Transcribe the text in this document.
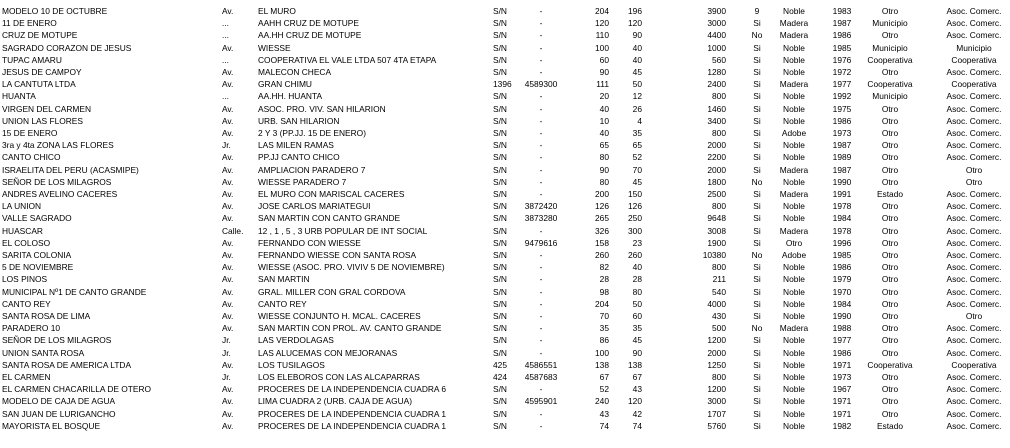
MODELO 10 DE OCTUBRE	Av.	EL MURO	S/N	-	204	196	3900	9	Noble	1983	Otro	Asoc. Comerc.
11 DE ENERO	...	AAHH CRUZ DE MOTUPE	S/N	-	120	120	3000	Si	Madera	1987	Municipio	Asoc. Comerc.
CRUZ DE MOTUPE	...	AA.HH CRUZ DE MOTUPE	S/N	-	110	90	4400	No	Madera	1986	Otro	Asoc. Comerc.
SAGRADO CORAZON DE JESUS	Av.	WIESSE	S/N	-	100	40	1000	Si	Noble	1985	Municipio	Municipio
TUPAC AMARU	...	COOPERATIVA EL VALE LTDA 507 4TA ETAPA	S/N	-	60	40	560	Si	Noble	1976	Cooperativa	Cooperativa
JESUS DE CAMPOY	Av.	MALECON CHECA	S/N	-	90	45	1280	Si	Noble	1972	Otro	Asoc. Comerc.
LA CANTUTA LTDA	Av.	GRAN CHIMU	1396	4589300	111	50	2400	Si	Madera	1977	Cooperativa	Cooperativa
HUANTA	...	AA.HH. HUANTA	S/N	-	20	12	800	Si	Noble	1992	Municipio	Asoc. Comerc.
VIRGEN DEL CARMEN	Av.	ASOC. PRO. VIV. SAN HILARION	S/N	-	40	26	1460	Si	Noble	1975	Otro	Asoc. Comerc.
UNION LAS FLORES	Av.	URB. SAN HILARION	S/N	-	10	4	3400	Si	Noble	1986	Otro	Asoc. Comerc.
15 DE ENERO	Av.	2 Y 3 (PP.JJ. 15 DE ENERO)	S/N	-	40	35	800	Si	Adobe	1973	Otro	Asoc. Comerc.
3ra y 4ta ZONA LAS FLORES	Jr.	LAS MILEN RAMAS	S/N	-	65	65	2000	Si	Noble	1987	Otro	Asoc. Comerc.
CANTO CHICO	Av.	PP.JJ CANTO CHICO	S/N	-	80	52	2200	Si	Noble	1989	Otro	Asoc. Comerc.
ISRAELITA DEL PERU (ACASMIPE)	Av.	AMPLIACION PARADERO 7	S/N	-	90	70	2000	Si	Madera	1987	Otro	Otro
SEÑOR DE LOS MILAGROS	Av.	WIESSE PARADERO 7	S/N	-	80	45	1800	No	Noble	1990	Otro	Otro
ANDRES AVELINO CACERES	Av.	EL MURO CON MARISCAL CACERES	S/N	-	200	150	2500	Si	Madera	1991	Estado	Asoc. Comerc.
LA UNION	Av.	JOSE CARLOS MARIATEGUI	S/N	3872420	126	126	800	Si	Noble	1978	Otro	Asoc. Comerc.
VALLE SAGRADO	Av.	SAN MARTIN CON CANTO GRANDE	S/N	3873280	265	250	9648	Si	Noble	1984	Otro	Asoc. Comerc.
HUASCAR	Calle.	12 , 1 , 5 , 3 URB POPULAR DE INT SOCIAL	S/N	-	326	300	3008	Si	Madera	1978	Otro	Asoc. Comerc.
EL COLOSO	Av.	FERNANDO CON WIESSE	S/N	9479616	158	23	1900	Si	Otro	1996	Otro	Asoc. Comerc.
SARITA COLONIA	Av.	FERNANDO WIESSE CON SANTA ROSA	S/N	-	260	260	10380	No	Adobe	1985	Otro	Asoc. Comerc.
5 DE NOVIEMBRE	Av.	WIESSE (ASOC. PRO. VIVIV 5 DE NOVIEMBRE)	S/N	-	82	40	800	Si	Noble	1986	Otro	Asoc. Comerc.
LOS PINOS	Av.	SAN MARTIN	S/N	-	28	28	211	Si	Noble	1979	Otro	Asoc. Comerc.
MUNICIPAL Nº1 DE CANTO GRANDE	Av.	GRAL. MILLER CON GRAL CORDOVA	S/N	-	98	80	540	Si	Noble	1970	Otro	Asoc. Comerc.
CANTO REY	Av.	CANTO REY	S/N	-	204	50	4000	Si	Noble	1984	Otro	Asoc. Comerc.
SANTA ROSA DE LIMA	Av.	WIESSE CONJUNTO H. MCAL. CACERES	S/N	-	70	60	430	Si	Noble	1990	Otro	Otro
PARADERO 10	Av.	SAN MARTIN CON PROL. AV. CANTO GRANDE	S/N	-	35	35	500	No	Madera	1988	Otro	Asoc. Comerc.
SEÑOR DE LOS MILAGROS	Jr.	LAS VERDOLAGAS	S/N	-	86	45	1200	Si	Noble	1977	Otro	Asoc. Comerc.
UNION SANTA ROSA	Jr.	LAS ALUCEMAS CON MEJORANAS	S/N	-	100	90	2000	Si	Noble	1986	Otro	Asoc. Comerc.
SANTA ROSA DE AMERICA LTDA	Av.	LOS TUSILAGOS	425	4586551	138	138	1250	Si	Noble	1971	Cooperativa	Cooperativa
EL CARMEN	Jr.	LOS ELEBOROS CON LAS ALCAPARRAS	424	4587683	67	67	800	Si	Noble	1973	Otro	Asoc. Comerc.
EL CARMEN CHACARILLA DE OTERO	Av.	PROCERES DE LA INDEPENDENCIA CUADRA 6	S/N	-	52	43	1200	Si	Noble	1967	Otro	Asoc. Comerc.
MODELO DE CAJA DE AGUA	Av.	LIMA CUADRA 2 (URB. CAJA DE AGUA)	S/N	4595901	240	120	3000	Si	Noble	1971	Otro	Asoc. Comerc.
SAN JUAN DE LURIGANCHO	Av.	PROCERES DE LA INDEPENDENCIA CUADRA 1	S/N	-	43	42	1707	Si	Noble	1971	Otro	Asoc. Comerc.
MAYORISTA EL BOSQUE	Av.	PROCERES DE LA INDEPENDENCIA CUADRA 1	S/N	-	74	74	5760	Si	Noble	1982	Estado	Asoc. Comerc.
